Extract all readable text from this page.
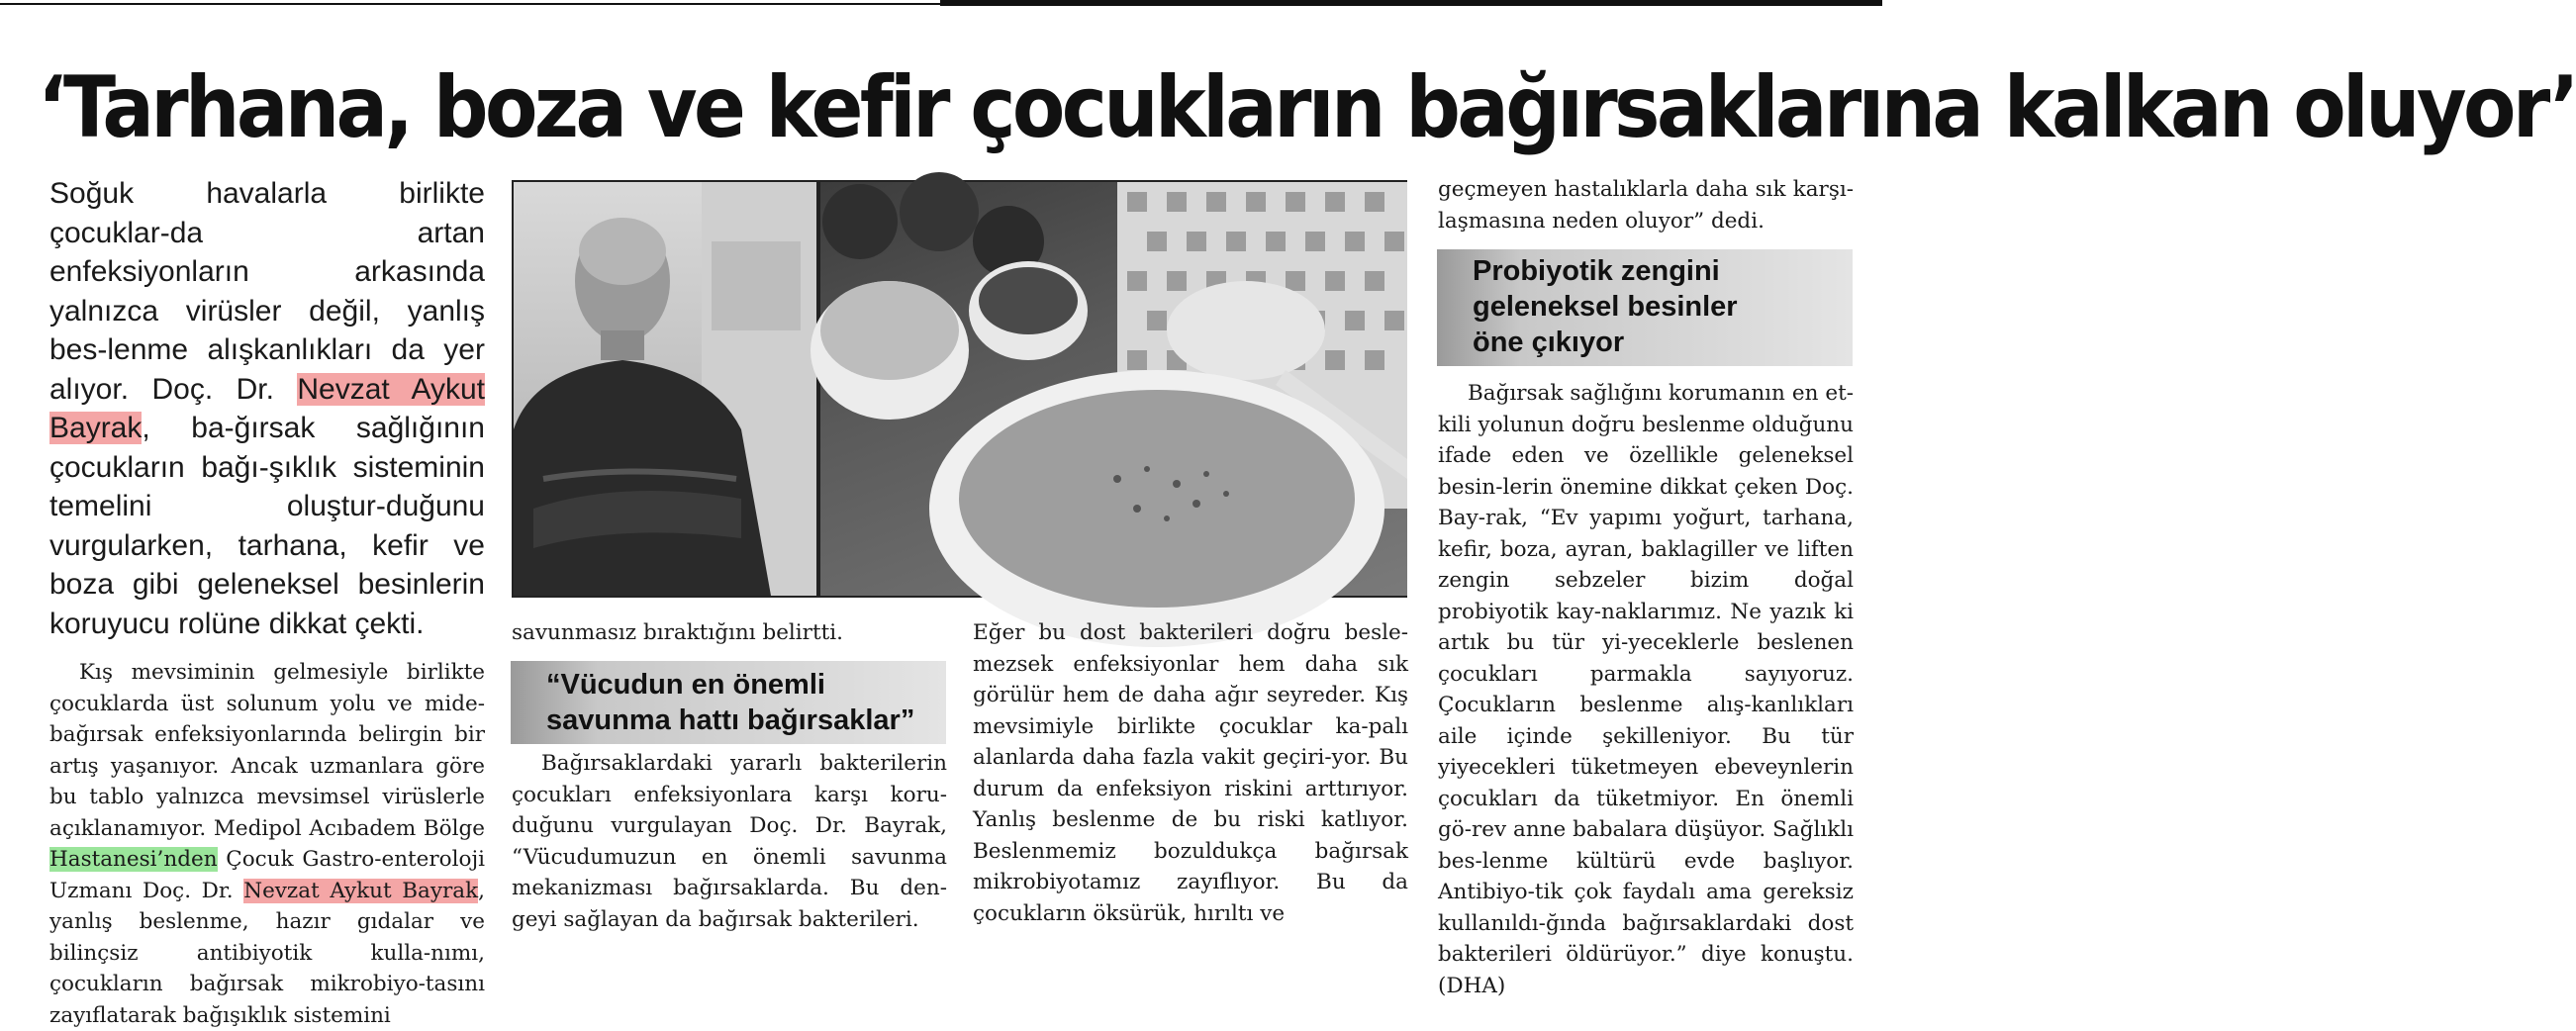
‘Tarhana, boza ve kefir çocukların bağırsaklarına kalkan oluyor’

Soğuk havalarla birlikte çocuklar-da artan enfeksiyonların arkasında yalnızca virüsler değil, yanlış bes-lenme alışkanlıkları da yer alıyor. Doç. Dr. Nevzat Aykut Bayrak, ba-ğırsak sağlığının çocukların bağı-şıklık sisteminin temelini oluştur-duğunu vurgularken, tarhana, kefir ve boza gibi geleneksel besinlerin koruyucu rolüne dikkat çekti.

Kış mevsiminin gelmesiyle birlikte çocuklarda üst solunum yolu ve mide-bağırsak enfeksiyonlarında belirgin bir artış yaşanıyor. Ancak uzmanlara göre bu tablo yalnızca mevsimsel virüslerle açıklanamıyor. Medipol Acıbadem Bölge Hastanesi’nden Çocuk Gastro-enteroloji Uzmanı Doç. Dr. Nevzat Aykut Bayrak, yanlış beslenme, hazır gıdalar ve bilinçsiz antibiyotik kulla-nımı, çocukların bağırsak mikrobiyo-tasını zayıflatarak bağışıklık sistemini

savunmasız bıraktığını belirtti.

“Vücudun en önemli
savunma hattı bağırsaklar”

Bağırsaklardaki yararlı bakterilerin çocukları enfeksiyonlara karşı koru-duğunu vurgulayan Doç. Dr. Bayrak, “Vücudumuzun en önemli savunma mekanizması bağırsaklarda. Bu den-geyi sağlayan da bağırsak bakterileri.

Eğer bu dost bakterileri doğru besle-mezsek enfeksiyonlar hem daha sık görülür hem de daha ağır seyreder. Kış mevsimiyle birlikte çocuklar ka-palı alanlarda daha fazla vakit geçiri-yor. Bu durum da enfeksiyon riskini arttırıyor. Yanlış beslenme de bu riski katlıyor. Beslenmemiz bozuldukça bağırsak mikrobiyotamız zayıflıyor. Bu da çocukların öksürük, hırıltı ve

geçmeyen hastalıklarla daha sık karşı-laşmasına neden oluyor” dedi.

Probiyotik zengini
geleneksel besinler
öne çıkıyor

Bağırsak sağlığını korumanın en et-kili yolunun doğru beslenme olduğunu ifade eden ve özellikle geleneksel besin-lerin önemine dikkat çeken Doç. Bay-rak, “Ev yapımı yoğurt, tarhana, kefir, boza, ayran, baklagiller ve liften zengin sebzeler bizim doğal probiyotik kay-naklarımız. Ne yazık ki artık bu tür yi-yeceklerle beslenen çocukları parmakla sayıyoruz. Çocukların beslenme alış-kanlıkları aile içinde şekilleniyor. Bu tür yiyecekleri tüketmeyen ebeveynlerin çocukları da tüketmiyor. En önemli gö-rev anne babalara düşüyor. Sağlıklı bes-lenme kültürü evde başlıyor. Antibiyo-tik çok faydalı ama gereksiz kullanıldı-ğında bağırsaklardaki dost bakterileri öldürüyor.” diye konuştu. (DHA)
